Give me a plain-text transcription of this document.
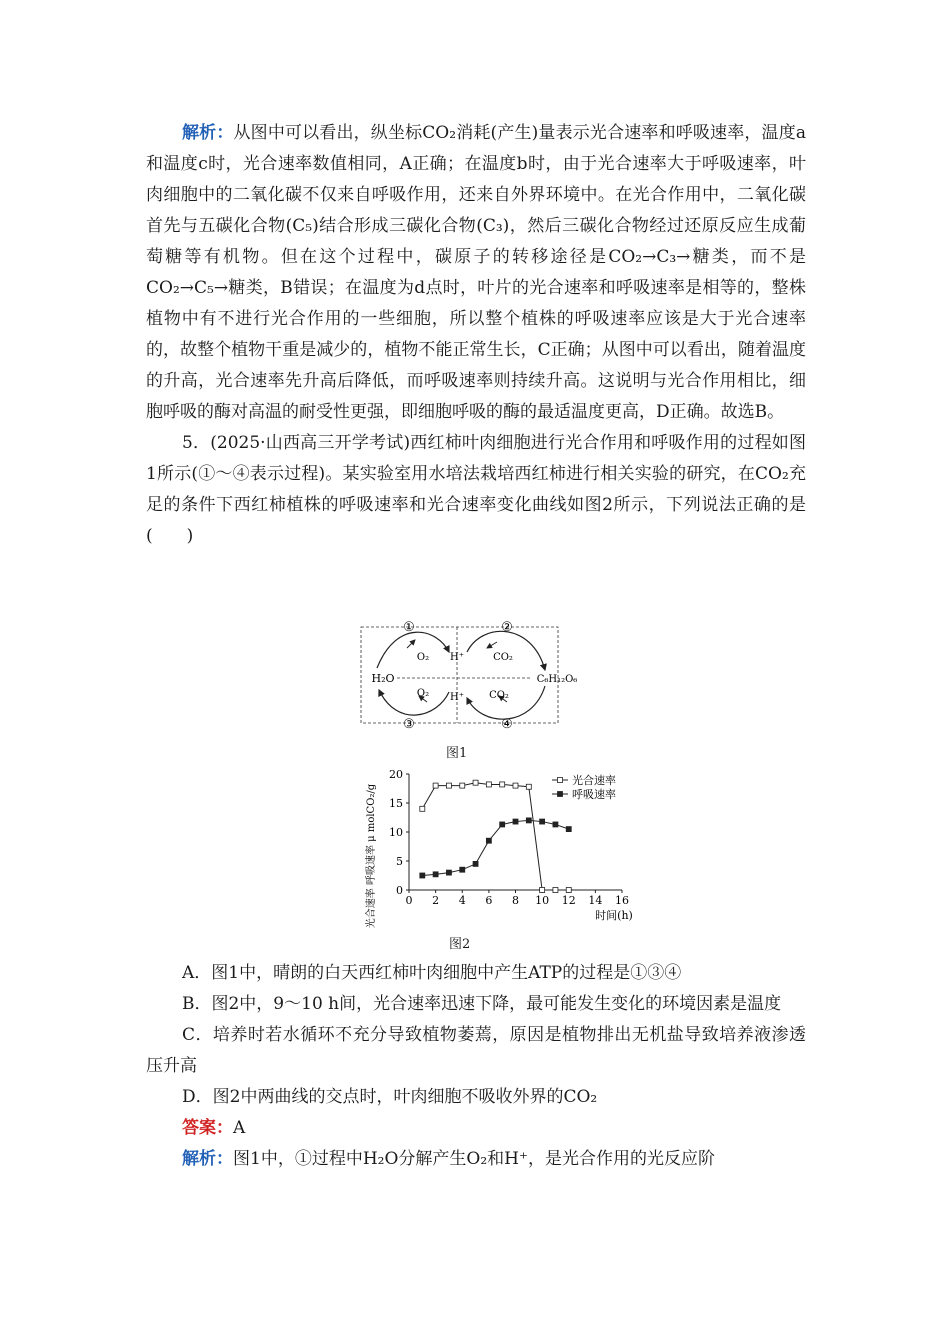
解析：从图中可以看出，纵坐标CO₂消耗(产生)量表示光合速率和呼吸速率，温度a和温度c时，光合速率数值相同，A正确；在温度b时，由于光合速率大于呼吸速率，叶肉细胞中的二氧化碳不仅来自呼吸作用，还来自外界环境中。在光合作用中，二氧化碳首先与五碳化合物(C₅)结合形成三碳化合物(C₃)，然后三碳化合物经过还原反应生成葡萄糖等有机物。但在这个过程中，碳原子的转移途径是CO₂→C₃→糖类，而不是CO₂→C₅→糖类，B错误；在温度为d点时，叶片的光合速率和呼吸速率是相等的，整株植物中有不进行光合作用的一些细胞，所以整个植株的呼吸速率应该是大于光合速率的，故整个植物干重是减少的，植物不能正常生长，C正确；从图中可以看出，随着温度的升高，光合速率先升高后降低，而呼吸速率则持续升高。这说明与光合作用相比，细胞呼吸的酶对高温的耐受性更强，即细胞呼吸的酶的最适温度更高，D正确。故选B。

5．(2025·山西高三开学考试)西红柿叶肉细胞进行光合作用和呼吸作用的过程如图1所示(①～④表示过程)。某实验室用水培法栽培西红柿进行相关实验的研究，在CO₂充足的条件下西红柿植株的呼吸速率和光合速率变化曲线如图2所示，下列说法正确的是(　　)

①	②
③	④
O₂ H⁺	CO₂
H₂O	C₆H₁₂O₆
O₂ H⁺	CO₂
图1
0 2 4 6 8 10 12 14 16
0
5
10
15
20	光合速率
呼吸速率
光合速率 呼吸速率 μ molCO₂/g	时间(h)
图2

A．图1中，晴朗的白天西红柿叶肉细胞中产生ATP的过程是①③④

B．图2中，9～10 h间，光合速率迅速下降，最可能发生变化的环境因素是温度

C．培养时若水循环不充分导致植物萎蔫，原因是植物排出无机盐导致培养液渗透压升高

D．图2中两曲线的交点时，叶肉细胞不吸收外界的CO₂

答案：A

解析：图1中，①过程中H₂O分解产生O₂和H⁺，是光合作用的光反应阶
